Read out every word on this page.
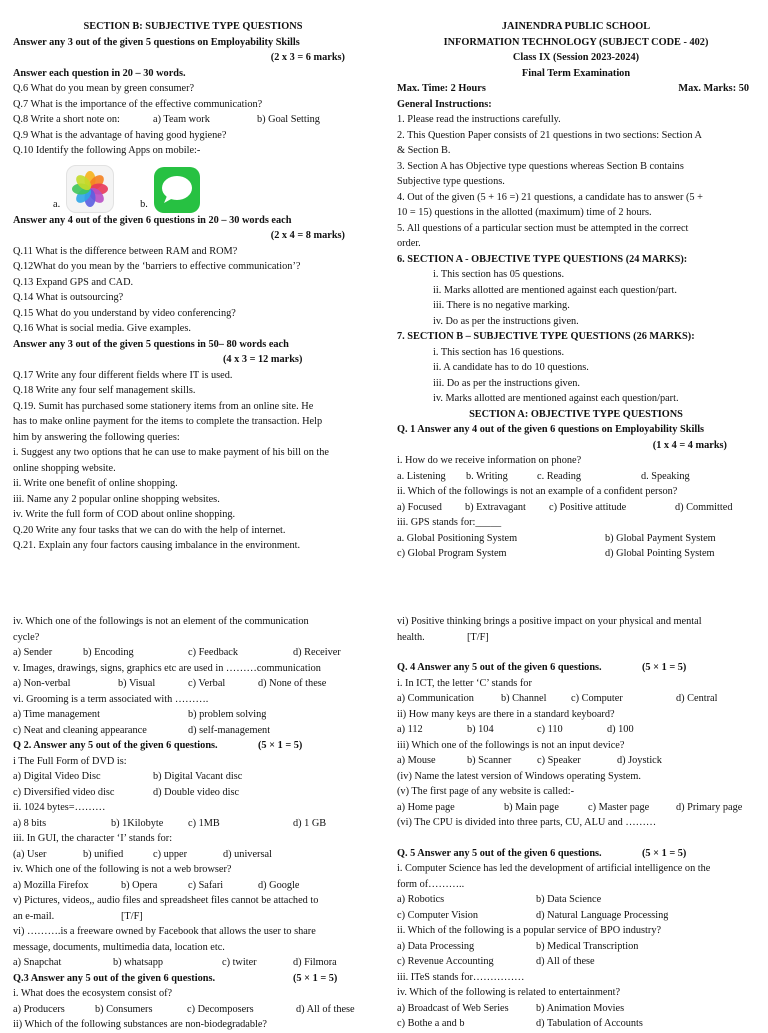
SECTION B: SUBJECTIVE TYPE QUESTIONS
Answer any 3 out of the given 5 questions on Employability Skills
(2 x 3 = 6 marks)
Answer each question in 20 – 30 words.
Q.6 What do you mean by green consumer?
Q.7 What is the importance of the effective communication?
Q.8 Write a short note on:	a) Team work	b) Goal Setting
Q.9 What is the advantage of having good hygiene?
Q.10 Identify the following Apps on mobile:-
a.	b.
Answer any 4 out of the given 6 questions in 20 – 30 words each
(2 x 4 = 8 marks)
Q.11 What is the difference between RAM and ROM?
Q.12What do you mean by the ‘barriers to effective communication’?
Q.13 Expand GPS and CAD.
Q.14 What is outsourcing?
Q.15 What do you understand by video conferencing?
Q.16 What is social media. Give examples.
Answer any 3 out of the given 5 questions in 50– 80 words each
(4 x 3 = 12 marks)
Q.17 Write any four different fields where IT is used.
Q.18 Write any four self management skills.
Q.19. Sumit has purchased some stationery items from an online site. He
has to make online payment for the items to complete the transaction. Help
him by answering the following queries:
i. Suggest any two options that he can use to make payment of his bill on the
online shopping website.
ii. Write one benefit of online shopping.
iii. Name any 2 popular online shopping websites.
iv. Write the full form of COD about online shopping.
Q.20 Write any four tasks that we can do with the help of internet.
Q.21. Explain any four factors causing imbalance in the environment.
JAINENDRA PUBLIC SCHOOL
INFORMATION TECHNOLOGY (SUBJECT CODE - 402)
Class IX (Session 2023-2024)
Final Term Examination
Max. Time: 2 Hours	Max. Marks: 50
General Instructions:
1. Please read the instructions carefully.
2. This Question Paper consists of 21 questions in two sections: Section A
& Section B.
3. Section A has Objective type questions whereas Section B contains
Subjective type questions.
4. Out of the given (5 + 16 =) 21 questions, a candidate has to answer (5 +
10 = 15) questions in the allotted (maximum) time of 2 hours.
5. All questions of a particular section must be attempted in the correct
order.
6. SECTION A - OBJECTIVE TYPE QUESTIONS (24 MARKS):
i. This section has 05 questions.
ii. Marks allotted are mentioned against each question/part.
iii. There is no negative marking.
iv. Do as per the instructions given.
7. SECTION B – SUBJECTIVE TYPE QUESTIONS (26 MARKS):
i. This section has 16 questions.
ii. A candidate has to do 10 questions.
iii. Do as per the instructions given.
iv. Marks allotted are mentioned against each question/part.
SECTION A: OBJECTIVE TYPE QUESTIONS
Q. 1 Answer any 4 out of the given 6 questions on Employability Skills
(1 x 4 = 4 marks)
i. How do we receive information on phone?
a. Listening	b. Writing	c. Reading	d. Speaking
ii. Which of the followings is not an example of a confident person?
a) Focused	b) Extravagant	c) Positive attitude	d) Committed
iii. GPS stands for:_____
a. Global Positioning System	b) Global Payment System
c) Global Program System	d) Global Pointing System
iv. Which one of the followings is not an element of the communication
cycle?
a) Sender	b) Encoding	c) Feedback	d) Receiver
v. Images, drawings, signs, graphics etc are used in ………communication
a) Non-verbal	b) Visual	c) Verbal	d) None of these
vi. Grooming is a term associated with ……….
a) Time management	b) problem solving
c) Neat and cleaning appearance	d) self-management
Q 2. Answer any 5 out of the given 6 questions.	(5 × 1 = 5)
i The Full Form of DVD is:
a) Digital Video Disc	b) Digital Vacant disc
c) Diversified video disc	d) Double video disc
ii. 1024 bytes=………
a) 8 bits	b) 1Kilobyte	c) 1MB	d) 1 GB
iii. In GUI, the character ‘I’ stands for:
(a) User	b) unified	c) upper	d) universal
iv. Which one of the following is not a web browser?
a) Mozilla Firefox	b) Opera	c) Safari	d) Google
v) Pictures, videos,, audio files and spreadsheet files cannot be attached to
an e-mail.	[T/F]
vi) ……….is a freeware owned by Facebook that allows the user to share
message, documents, multimedia data, location etc.
a) Snapchat	b) whatsapp	c) twiter	d) Filmora
Q.3 Answer any 5 out of the given 6 questions.	(5 × 1 = 5)
i. What does the ecosystem consist of?
a) Producers	b) Consumers	c) Decomposers	d) All of these
ii) Which of the following substances are non-biodegradable?
vi) Positive thinking brings a positive impact on your physical and mental
health.	[T/F]
Q. 4 Answer any 5 out of the given 6 questions.	(5 × 1 = 5)
i. In ICT, the letter ‘C’ stands for
a) Communication	b) Channel	c) Computer	d) Central
ii) How many keys are there in a standard keyboard?
a) 112	b) 104	c) 110	d) 100
iii) Which one of the followings is not an input device?
a) Mouse	b) Scanner	c) Speaker	d) Joystick
(iv) Name the latest version of Windows operating System.
(v) The first page of any website is called:-
a) Home page	b) Main page	c) Master page	d) Primary page
(vi) The CPU is divided into three parts, CU, ALU and ………
Q. 5 Answer any 5 out of the given 6 questions.	(5 × 1 = 5)
i. Computer Science has led the development of artificial intelligence on the
form of………..
a) Robotics	b) Data Science
c) Computer Vision	d) Natural Language Processing
ii. Which of the following is a popular service of BPO industry?
a) Data Processing	b) Medical Transcription
c) Revenue Accounting	d) All of these
iii. ITeS stands for……………
iv. Which of the following is related to entertainment?
a) Broadcast of Web Series	b) Animation Movies
c) Bothe a and b	d) Tabulation of Accounts
